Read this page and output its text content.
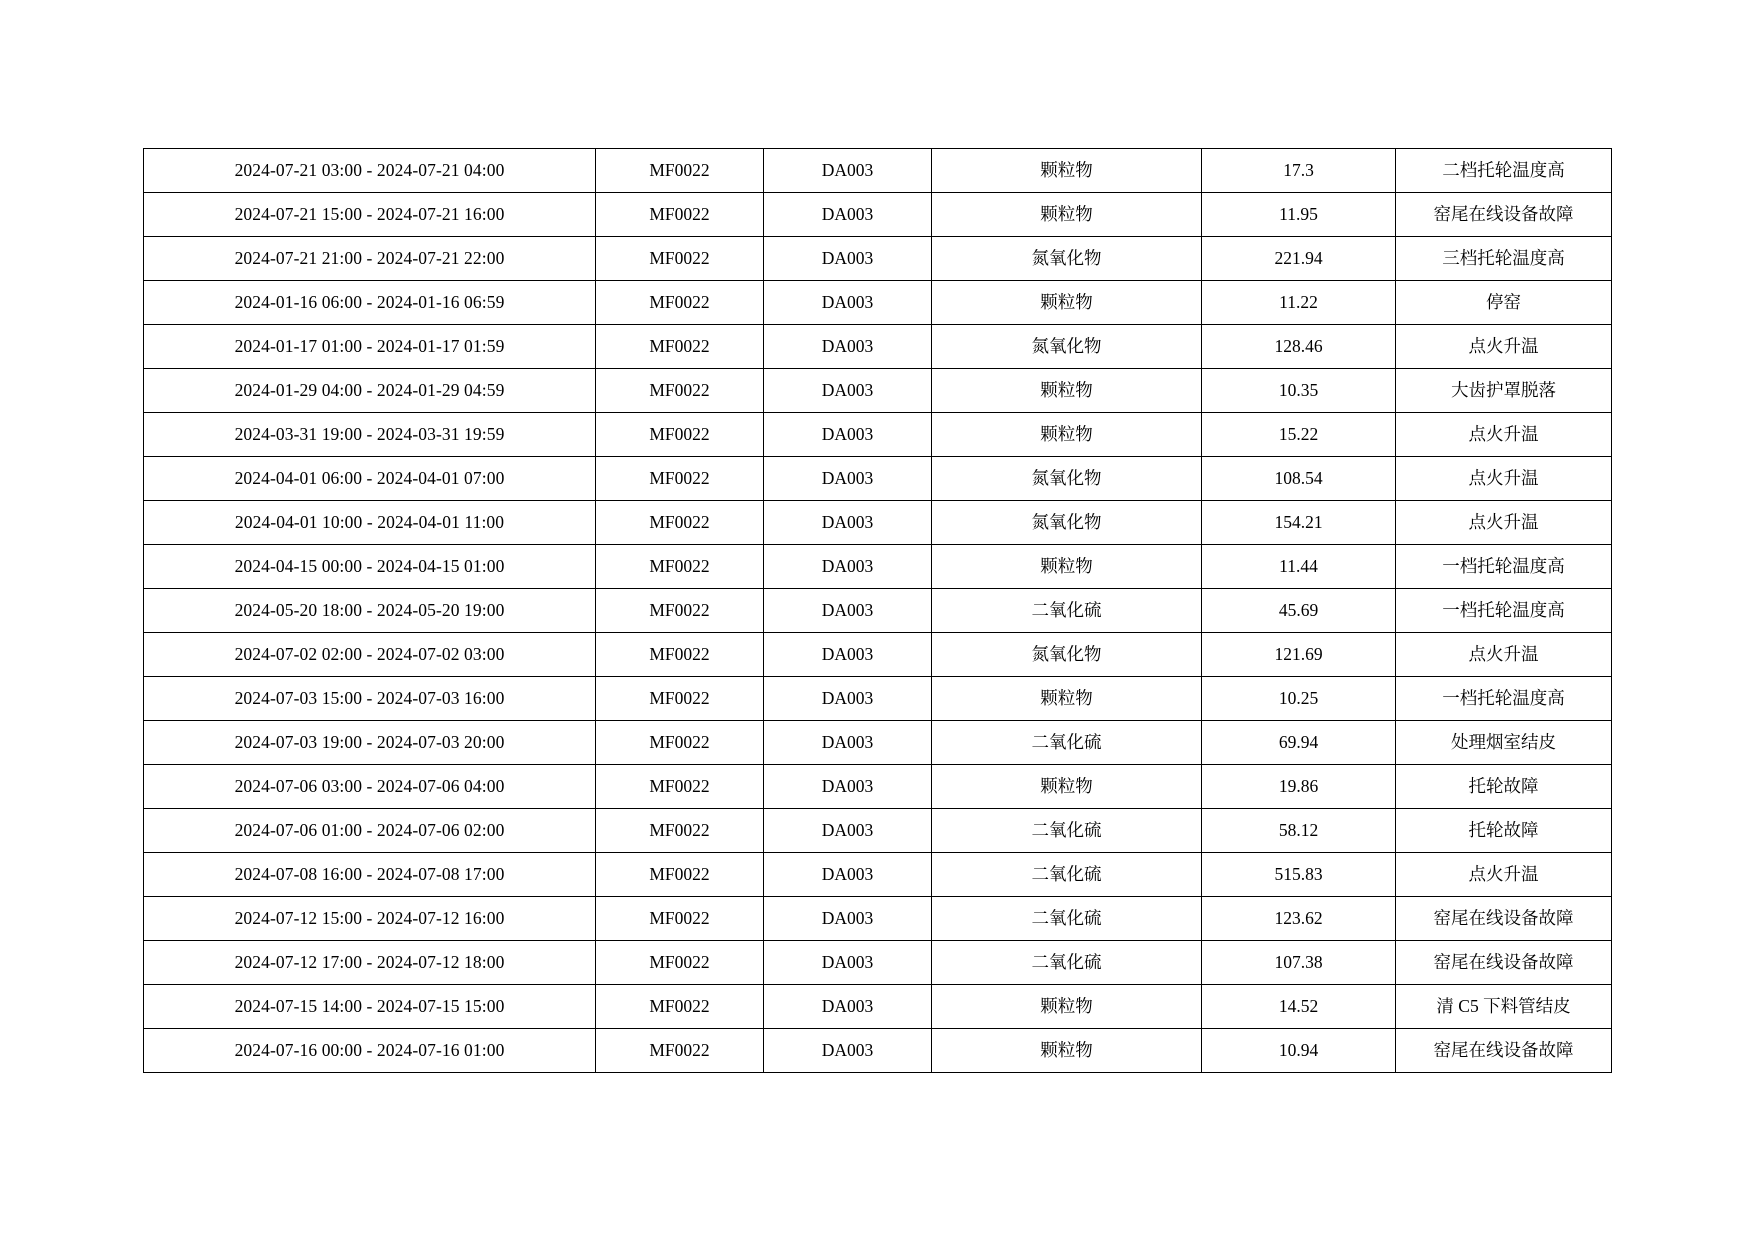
2024-07-21 03:00 - 2024-07-21 04:00	MF0022	DA003	颗粒物	17.3	二档托轮温度高
2024-07-21 15:00 - 2024-07-21 16:00	MF0022	DA003	颗粒物	11.95	窑尾在线设备故障
2024-07-21 21:00 - 2024-07-21 22:00	MF0022	DA003	氮氧化物	221.94	三档托轮温度高
2024-01-16 06:00 - 2024-01-16 06:59	MF0022	DA003	颗粒物	11.22	停窑
2024-01-17 01:00 - 2024-01-17 01:59	MF0022	DA003	氮氧化物	128.46	点火升温
2024-01-29 04:00 - 2024-01-29 04:59	MF0022	DA003	颗粒物	10.35	大齿护罩脱落
2024-03-31 19:00 - 2024-03-31 19:59	MF0022	DA003	颗粒物	15.22	点火升温
2024-04-01 06:00 - 2024-04-01 07:00	MF0022	DA003	氮氧化物	108.54	点火升温
2024-04-01 10:00 - 2024-04-01 11:00	MF0022	DA003	氮氧化物	154.21	点火升温
2024-04-15 00:00 - 2024-04-15 01:00	MF0022	DA003	颗粒物	11.44	一档托轮温度高
2024-05-20 18:00 - 2024-05-20 19:00	MF0022	DA003	二氧化硫	45.69	一档托轮温度高
2024-07-02 02:00 - 2024-07-02 03:00	MF0022	DA003	氮氧化物	121.69	点火升温
2024-07-03 15:00 - 2024-07-03 16:00	MF0022	DA003	颗粒物	10.25	一档托轮温度高
2024-07-03 19:00 - 2024-07-03 20:00	MF0022	DA003	二氧化硫	69.94	处理烟室结皮
2024-07-06 03:00 - 2024-07-06 04:00	MF0022	DA003	颗粒物	19.86	托轮故障
2024-07-06 01:00 - 2024-07-06 02:00	MF0022	DA003	二氧化硫	58.12	托轮故障
2024-07-08 16:00 - 2024-07-08 17:00	MF0022	DA003	二氧化硫	515.83	点火升温
2024-07-12 15:00 - 2024-07-12 16:00	MF0022	DA003	二氧化硫	123.62	窑尾在线设备故障
2024-07-12 17:00 - 2024-07-12 18:00	MF0022	DA003	二氧化硫	107.38	窑尾在线设备故障
2024-07-15 14:00 - 2024-07-15 15:00	MF0022	DA003	颗粒物	14.52	清 C5 下料管结皮
2024-07-16 00:00 - 2024-07-16 01:00	MF0022	DA003	颗粒物	10.94	窑尾在线设备故障
